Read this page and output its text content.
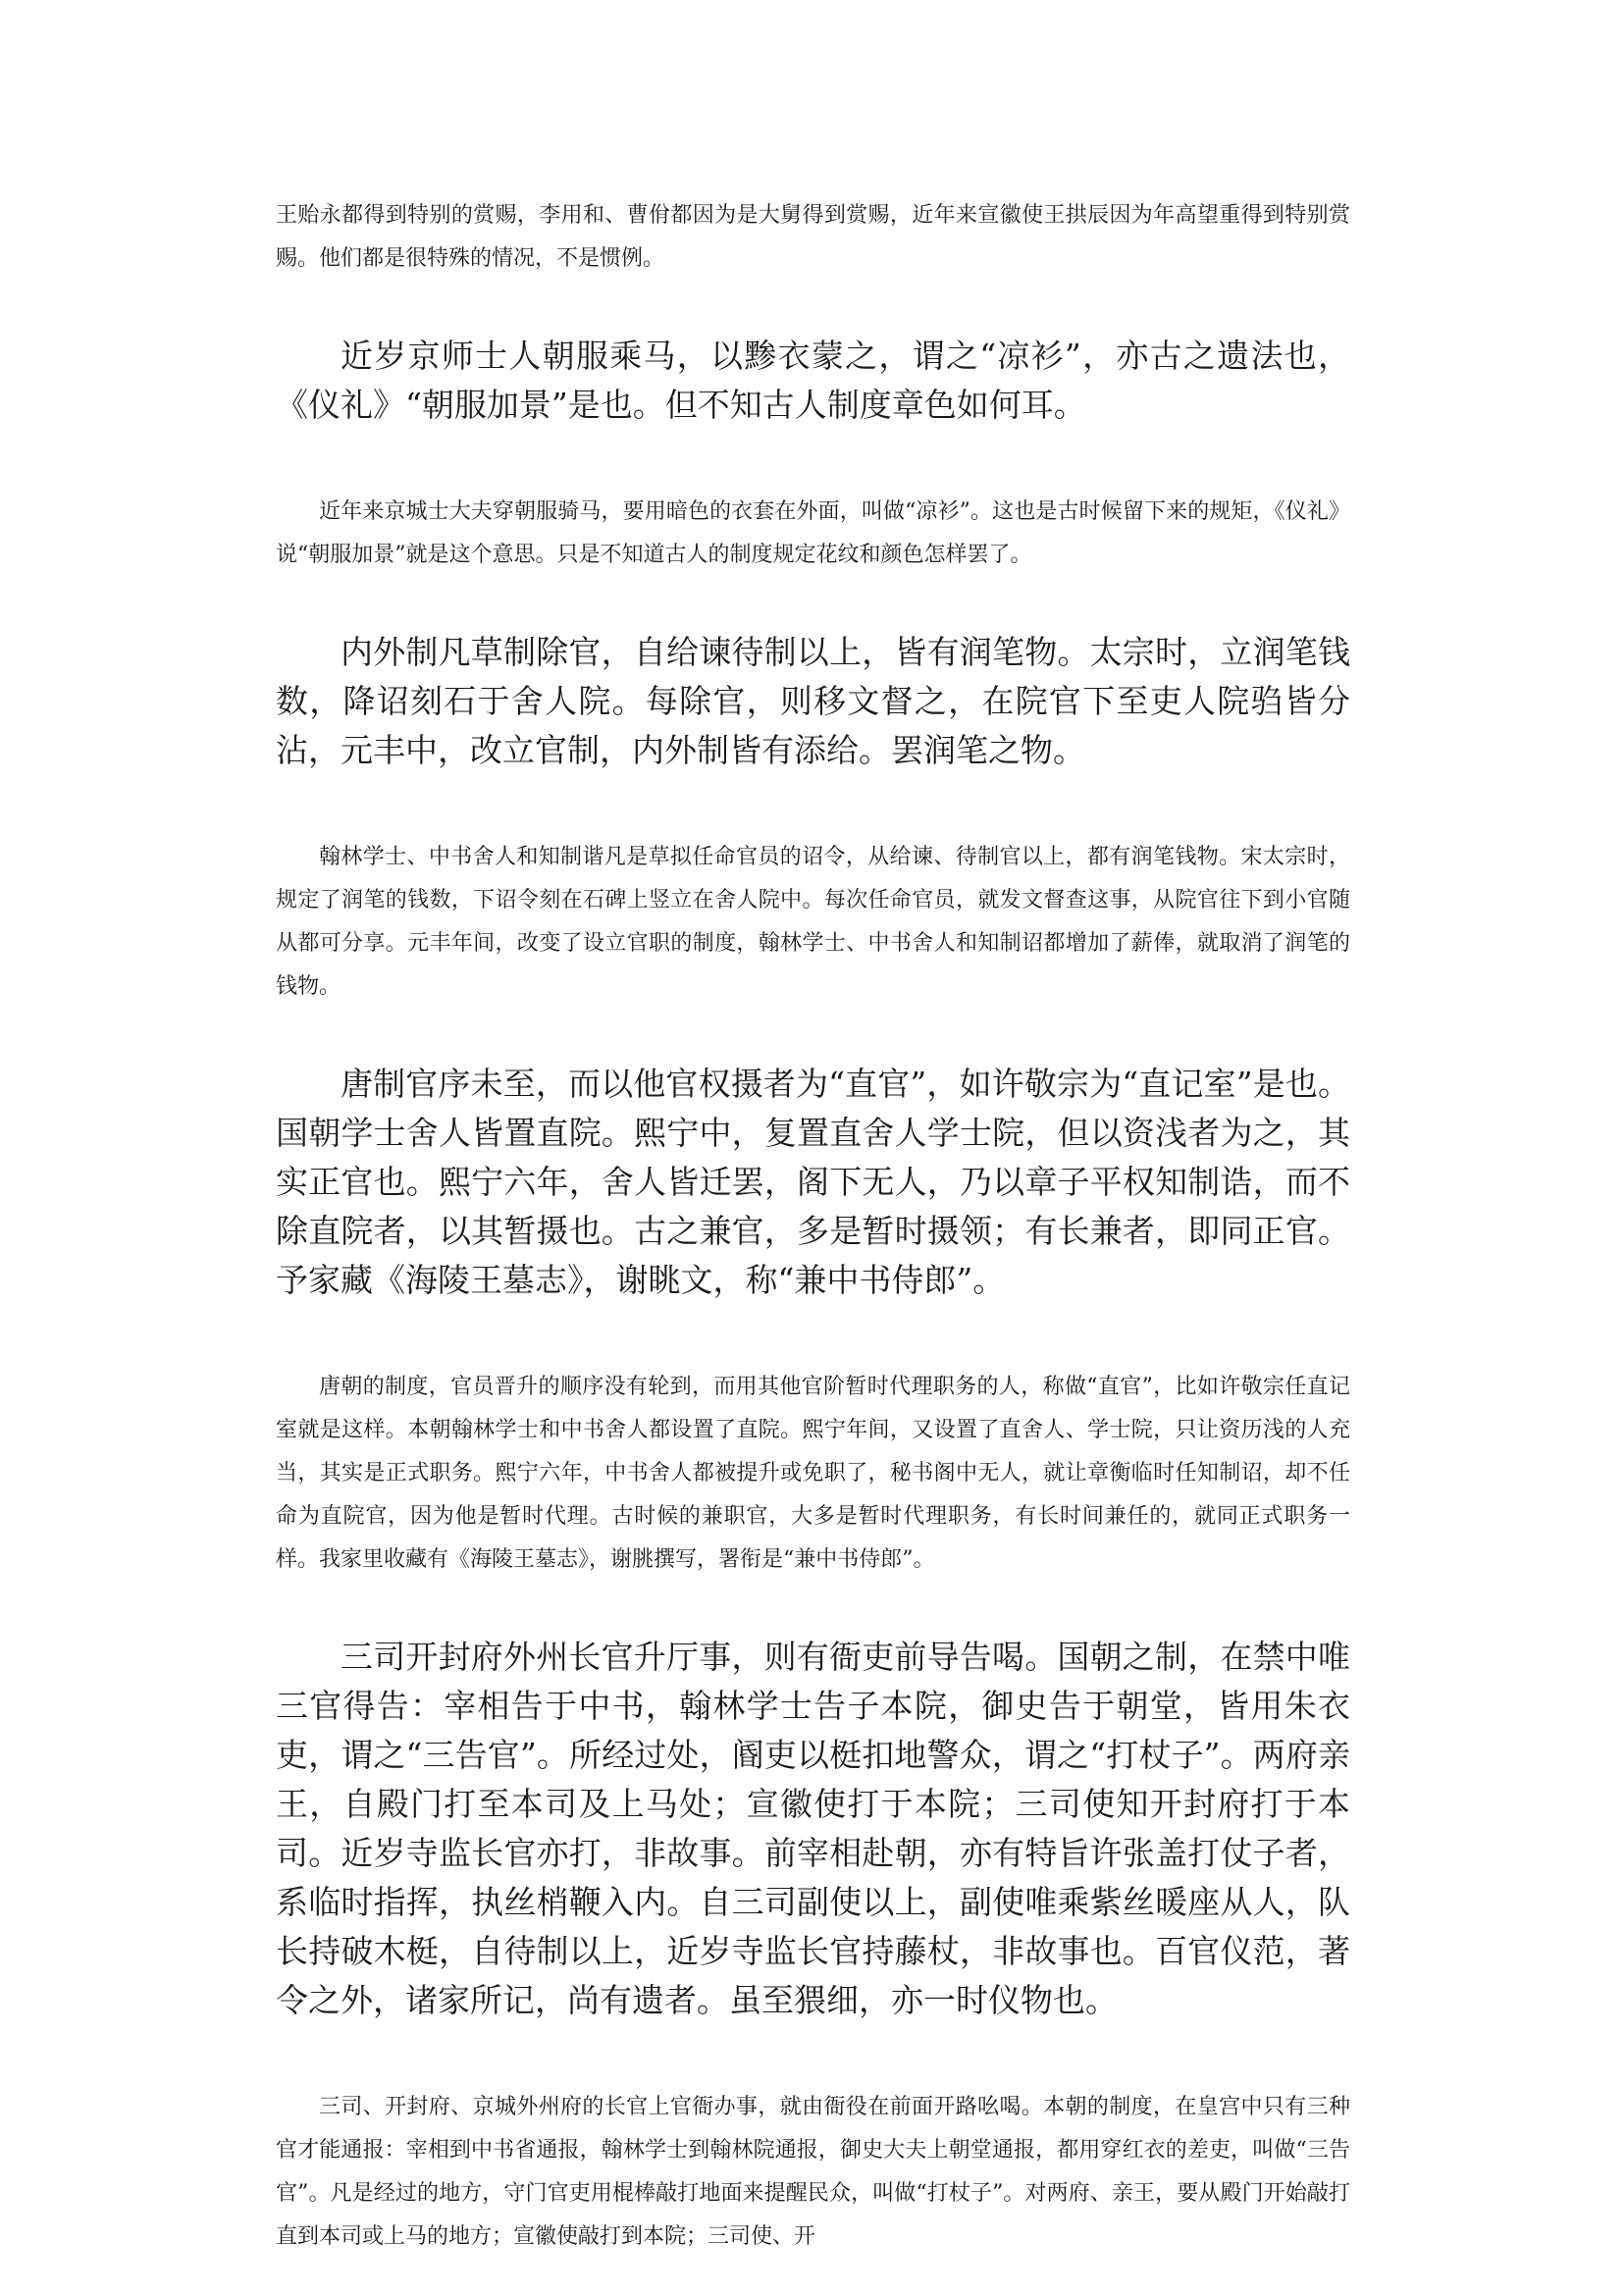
王贻永都得到特别的赏赐，李用和、曹佾都因为是大舅得到赏赐，近年来宣徽使王拱辰因为年高望重得到特别赏赐。他们都是很特殊的情况，不是惯例。

近岁京师士人朝服乘马，以黪衣蒙之，谓之“凉衫”，亦古之遗法也，《仪礼》“朝服加景”是也。但不知古人制度章色如何耳。

近年来京城士大夫穿朝服骑马，要用暗色的衣套在外面，叫做“凉衫”。这也是古时候留下来的规矩，《仪礼》说“朝服加景”就是这个意思。只是不知道古人的制度规定花纹和颜色怎样罢了。

内外制凡草制除官，自给谏待制以上，皆有润笔物。太宗时，立润笔钱数，降诏刻石于舍人院。每除官，则移文督之，在院官下至吏人院驺皆分沾，元丰中，改立官制，内外制皆有添给。罢润笔之物。

翰林学士、中书舍人和知制谐凡是草拟任命官员的诏令，从给谏、待制官以上，都有润笔钱物。宋太宗时，规定了润笔的钱数，下诏令刻在石碑上竖立在舍人院中。每次任命官员，就发文督查这事，从院官往下到小官随从都可分享。元丰年间，改变了设立官职的制度，翰林学士、中书舍人和知制诏都增加了薪俸，就取消了润笔的钱物。

唐制官序未至，而以他官权摄者为“直官”，如许敬宗为“直记室”是也。国朝学士舍人皆置直院。熙宁中，复置直舍人学士院，但以资浅者为之，其实正官也。熙宁六年，舍人皆迁罢，阁下无人，乃以章子平权知制诰，而不除直院者，以其暂摄也。古之兼官，多是暂时摄领；有长兼者，即同正官。予家藏《海陵王墓志》，谢眺文，称“兼中书侍郎”。

唐朝的制度，官员晋升的顺序没有轮到，而用其他官阶暂时代理职务的人，称做“直官”，比如许敬宗任直记室就是这样。本朝翰林学士和中书舍人都设置了直院。熙宁年间，又设置了直舍人、学士院，只让资历浅的人充当，其实是正式职务。熙宁六年，中书舍人都被提升或免职了，秘书阁中无人，就让章衡临时任知制诏，却不任命为直院官，因为他是暂时代理。古时候的兼职官，大多是暂时代理职务，有长时间兼任的，就同正式职务一样。我家里收藏有《海陵王墓志》，谢朓撰写，署衔是“兼中书侍郎”。

三司开封府外州长官升厅事，则有衙吏前导告喝。国朝之制，在禁中唯三官得告：宰相告于中书，翰林学士告子本院，御史告于朝堂，皆用朱衣吏，谓之“三告官”。所经过处，阍吏以梃扣地警众，谓之“打杖子”。两府亲王，自殿门打至本司及上马处；宣徽使打于本院；三司使知开封府打于本司。近岁寺监长官亦打，非故事。前宰相赴朝，亦有特旨许张盖打仗子者，系临时指挥，执丝梢鞭入内。自三司副使以上，副使唯乘紫丝暖座从人，队长持破木梃，自待制以上，近岁寺监长官持藤杖，非故事也。百官仪范，著令之外，诸家所记，尚有遗者。虽至猥细，亦一时仪物也。

三司、开封府、京城外州府的长官上官衙办事，就由衙役在前面开路吆喝。本朝的制度，在皇宫中只有三种官才能通报：宰相到中书省通报，翰林学士到翰林院通报，御史大夫上朝堂通报，都用穿红衣的差吏，叫做“三告官”。凡是经过的地方，守门官吏用棍棒敲打地面来提醒民众，叫做“打杖子”。对两府、亲王，要从殿门开始敲打直到本司或上马的地方；宣徽使敲打到本院；三司使、开
